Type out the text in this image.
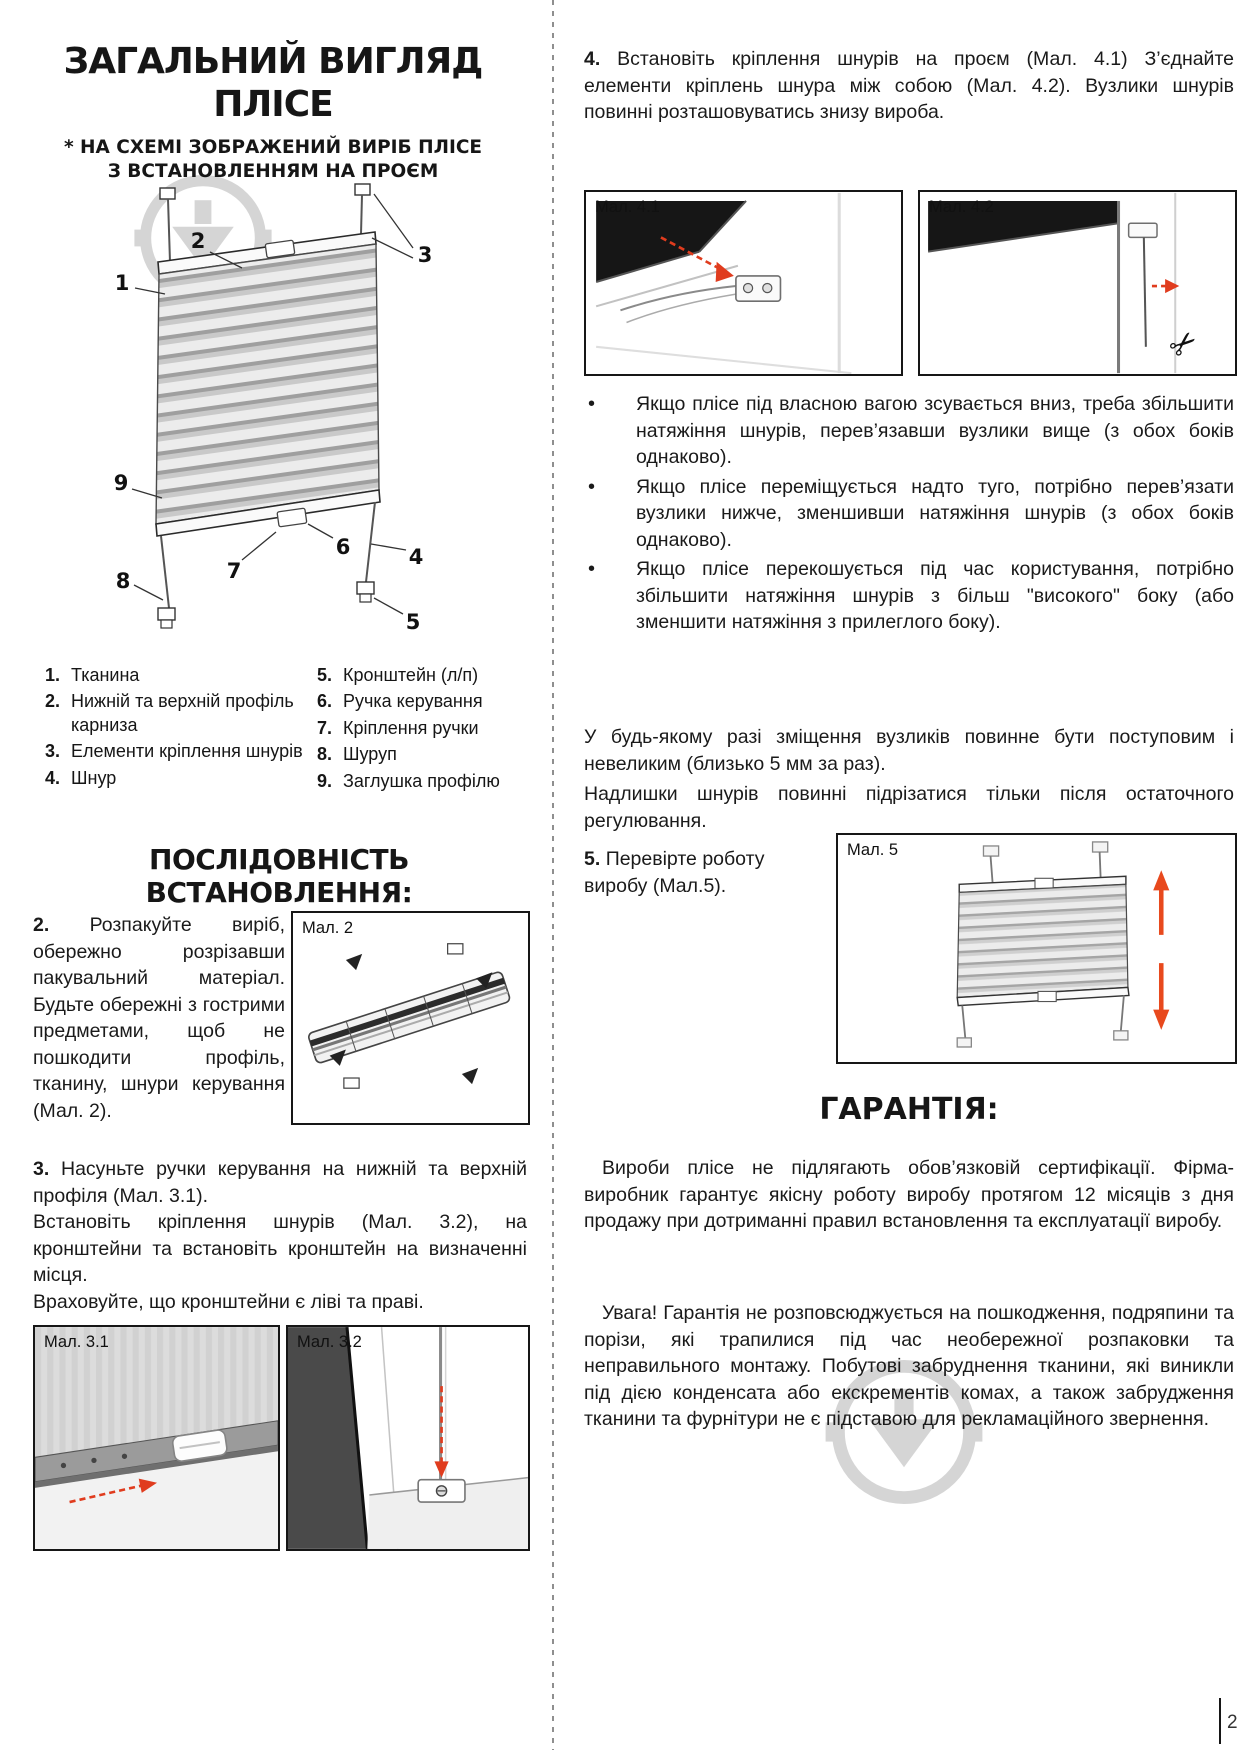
ЗАГАЛЬНИЙ ВИГЛЯД
ПЛІСЕ
* НА СХЕМІ ЗОБРАЖЕНИЙ ВИРІБ ПЛІСЕ
З ВСТАНОВЛЕННЯМ НА ПРОЄМ
1
2
3
4
5
6
7
8
9
1. Тканина
2. Нижній та верхній профіль карниза
3. Елементи кріплення шнурів
4. Шнур
5. Кронштейн (л/п)
6. Ручка керування
7. Кріплення ручки
8. Шуруп
9. Заглушка профілю
ПОСЛІДОВНІСТЬ ВСТАНОВЛЕННЯ:

2. Розпакуйте виріб, обережно розрізавши пакувальний матеріал. Будьте обережні з гострими предметами, щоб не пошкодити профіль, тканину, шнури керування (Мал. 2).

Мал. 2

3. Насуньте ручки керування на нижній та верхній профіля (Мал. 3.1).

Встановіть кріплення шнурів (Мал. 3.2), на кронштейни та встановіть кронштейн на визначенні місця.

Враховуйте, що кронштейни є ліві та праві.

Мал. 3.1	Мал. 3.2

4. Встановіть кріплення шнурів на проєм (Мал. 4.1) З’єднайте елементи кріплень шнура між собою (Мал. 4.2). Вузлики шнурів повинні розташовуватись знизу вироба.

Мал. 4.1	Мал. 4.2
✂
•	Якщо плісе під власною вагою зсувається вниз, треба збільшити натяжіння шнурів, перев’язавши вузлики вище (з обох боків однаково).

•	Якщо плісе переміщується надто туго, потрібно перев’язати вузлики нижче, зменшивши натяжіння шнурів (з обох боків однаково).

•	Якщо плісе перекошується під час користування, потрібно збільшити натяжіння шнурів з більш "високого" боку (або зменшити натяжіння з прилеглого боку).

У будь-якому разі зміщення вузликів повинне бути поступовим і невеликим (близько 5 мм за раз).

Надлишки шнурів повинні підрізатися тільки після остаточного регулювання.

5. Перевірте роботу виробу (Мал.5).

Мал. 5
ГАРАНТІЯ:

Вироби плісе не підлягають обов’язковій сертифікації. Фірма-виробник гарантує якісну роботу виробу протягом 12 місяців з дня продажу при дотриманні правил встановлення та експлуатації виробу.

Увага! Гарантія не розповсюджується на пошкодження, подряпини та порізи, які трапилися під час необережної розпаковки та неправильного монтажу. Побутові забруднення тканини, які виникли під дією конденсата або екскрементів комах, а також забрудження тканини та фурнітури не є підставою для рекламаційного звернення.

2
